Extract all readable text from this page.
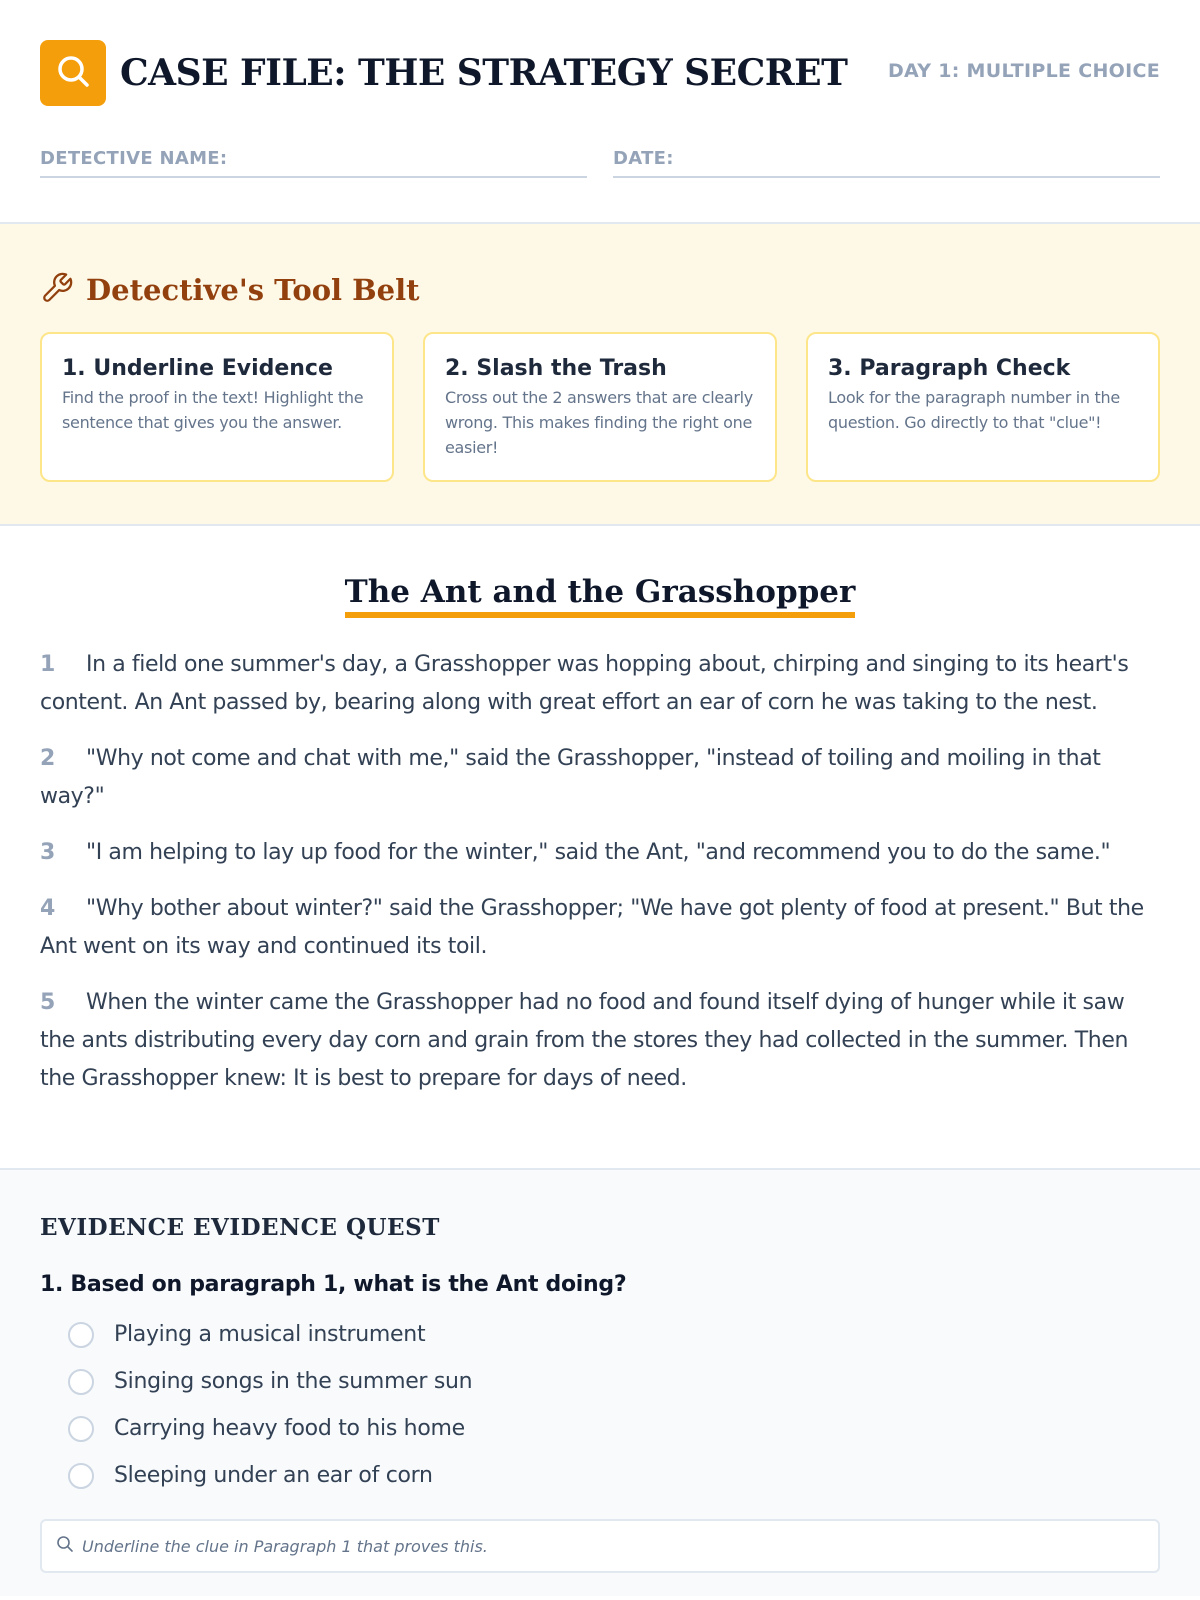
CASE FILE: THE STRATEGY SECRET DAY 1: MULTIPLE CHOICE
DETECTIVE NAME:	DATE:
Detective's Tool Belt
1. Underline Evidence
Find the proof in the text! Highlight the sentence that gives you the answer.
2. Slash the Trash
Cross out the 2 answers that are clearly wrong. This makes finding the right one easier!
3. Paragraph Check
Look for the paragraph number in the question. Go directly to that "clue"!
The Ant and the Grasshopper

1 In a field one summer's day, a Grasshopper was hopping about, chirping and singing to its heart's content. An Ant passed by, bearing along with great effort an ear of corn he was taking to the nest.

2 "Why not come and chat with me," said the Grasshopper, "instead of toiling and moiling in that way?"

3 "I am helping to lay up food for the winter," said the Ant, "and recommend you to do the same."

4 "Why bother about winter?" said the Grasshopper; "We have got plenty of food at present." But the Ant went on its way and continued its toil.

5 When the winter came the Grasshopper had no food and found itself dying of hunger while it saw the ants distributing every day corn and grain from the stores they had collected in the summer. Then the Grasshopper knew: It is best to prepare for days of need.

EVIDENCE EVIDENCE QUEST
1. Based on paragraph 1, what is the Ant doing?
Playing a musical instrument
Singing songs in the summer sun
Carrying heavy food to his home
Sleeping under an ear of corn
Underline the clue in Paragraph 1 that proves this.
